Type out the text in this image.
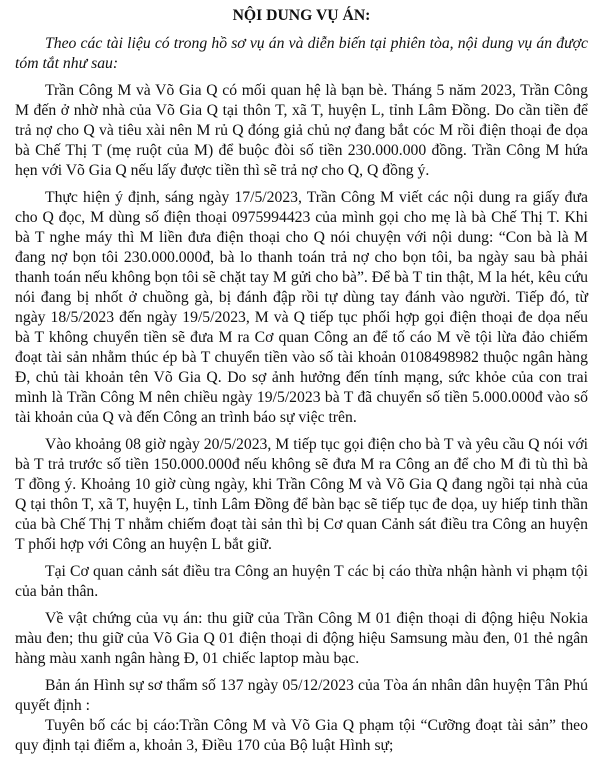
NỘI DUNG VỤ ÁN:

Theo các tài liệu có trong hồ sơ vụ án và diễn biến tại phiên tòa, nội dung vụ án được tóm tắt như sau:

Trần Công M và Võ Gia Q có mối quan hệ là bạn bè. Tháng 5 năm 2023, Trần Công M đến ở nhờ nhà của Võ Gia Q tại thôn T, xã T, huyện L, tỉnh Lâm Đồng. Do cần tiền để trả nợ cho Q và tiêu xài nên M rủ Q đóng giả chủ nợ đang bắt cóc M rồi điện thoại đe dọa bà Chế Thị T (mẹ ruột của M) để buộc đòi số tiền 230.000.000 đồng. Trần Công M hứa hẹn với Võ Gia Q nếu lấy được tiền thì sẽ trả nợ cho Q, Q đồng ý.

Thực hiện ý định, sáng ngày 17/5/2023, Trần Công M viết các nội dung ra giấy đưa cho Q đọc, M dùng số điện thoại 0975994423 của mình gọi cho mẹ là bà Chế Thị T. Khi bà T nghe máy thì M liền đưa điện thoại cho Q nói chuyện với nội dung: “Con bà là M đang nợ bọn tôi 230.000.000đ, bà lo thanh toán trả nợ cho bọn tôi, ba ngày sau bà phải thanh toán nếu không bọn tôi sẽ chặt tay M gửi cho bà”. Để bà T tin thật, M la hét, kêu cứu nói đang bị nhốt ở chuồng gà, bị đánh đập rồi tự dùng tay đánh vào người. Tiếp đó, từ ngày 18/5/2023 đến ngày 19/5/2023, M và Q tiếp tục phối hợp gọi điện thoại đe dọa nếu bà T không chuyển tiền sẽ đưa M ra Cơ quan Công an để tố cáo M về tội lừa đảo chiếm đoạt tài sản nhằm thúc ép bà T chuyển tiền vào số tài khoản 0108498982 thuộc ngân hàng Đ, chủ tài khoản tên Võ Gia Q. Do sợ ảnh hưởng đến tính mạng, sức khỏe của con trai mình là Trần Công M nên chiều ngày 19/5/2023 bà T đã chuyển số tiền 5.000.000đ vào số tài khoản của Q và đến Công an trình báo sự việc trên.

Vào khoảng 08 giờ ngày 20/5/2023, M tiếp tục gọi điện cho bà T và yêu cầu Q nói với bà T trả trước số tiền 150.000.000đ nếu không sẽ đưa M ra Công an để cho M đi tù thì bà T đồng ý. Khoảng 10 giờ cùng ngày, khi Trần Công M và Võ Gia Q đang ngồi tại nhà của Q tại thôn T, xã T, huyện L, tỉnh Lâm Đồng để bàn bạc sẽ tiếp tục đe dọa, uy hiếp tinh thần của bà Chế Thị T nhằm chiếm đoạt tài sản thì bị Cơ quan Cảnh sát điều tra Công an huyện T phối hợp với Công an huyện L bắt giữ.

Tại Cơ quan cảnh sát điều tra Công an huyện T các bị cáo thừa nhận hành vi phạm tội của bản thân.

Về vật chứng của vụ án: thu giữ của Trần Công M 01 điện thoại di động hiệu Nokia màu đen; thu giữ của Võ Gia Q 01 điện thoại di động hiệu Samsung màu đen, 01 thẻ ngân hàng màu xanh ngân hàng Đ, 01 chiếc laptop màu bạc.

Bản án Hình sự sơ thẩm số 137 ngày 05/12/2023 của Tòa án nhân dân huyện Tân Phú quyết định :

Tuyên bố các bị cáo:Trần Công M và Võ Gia Q phạm tội “Cưỡng đoạt tài sản” theo quy định tại điểm a, khoản 3, Điều 170 của Bộ luật Hình sự;
